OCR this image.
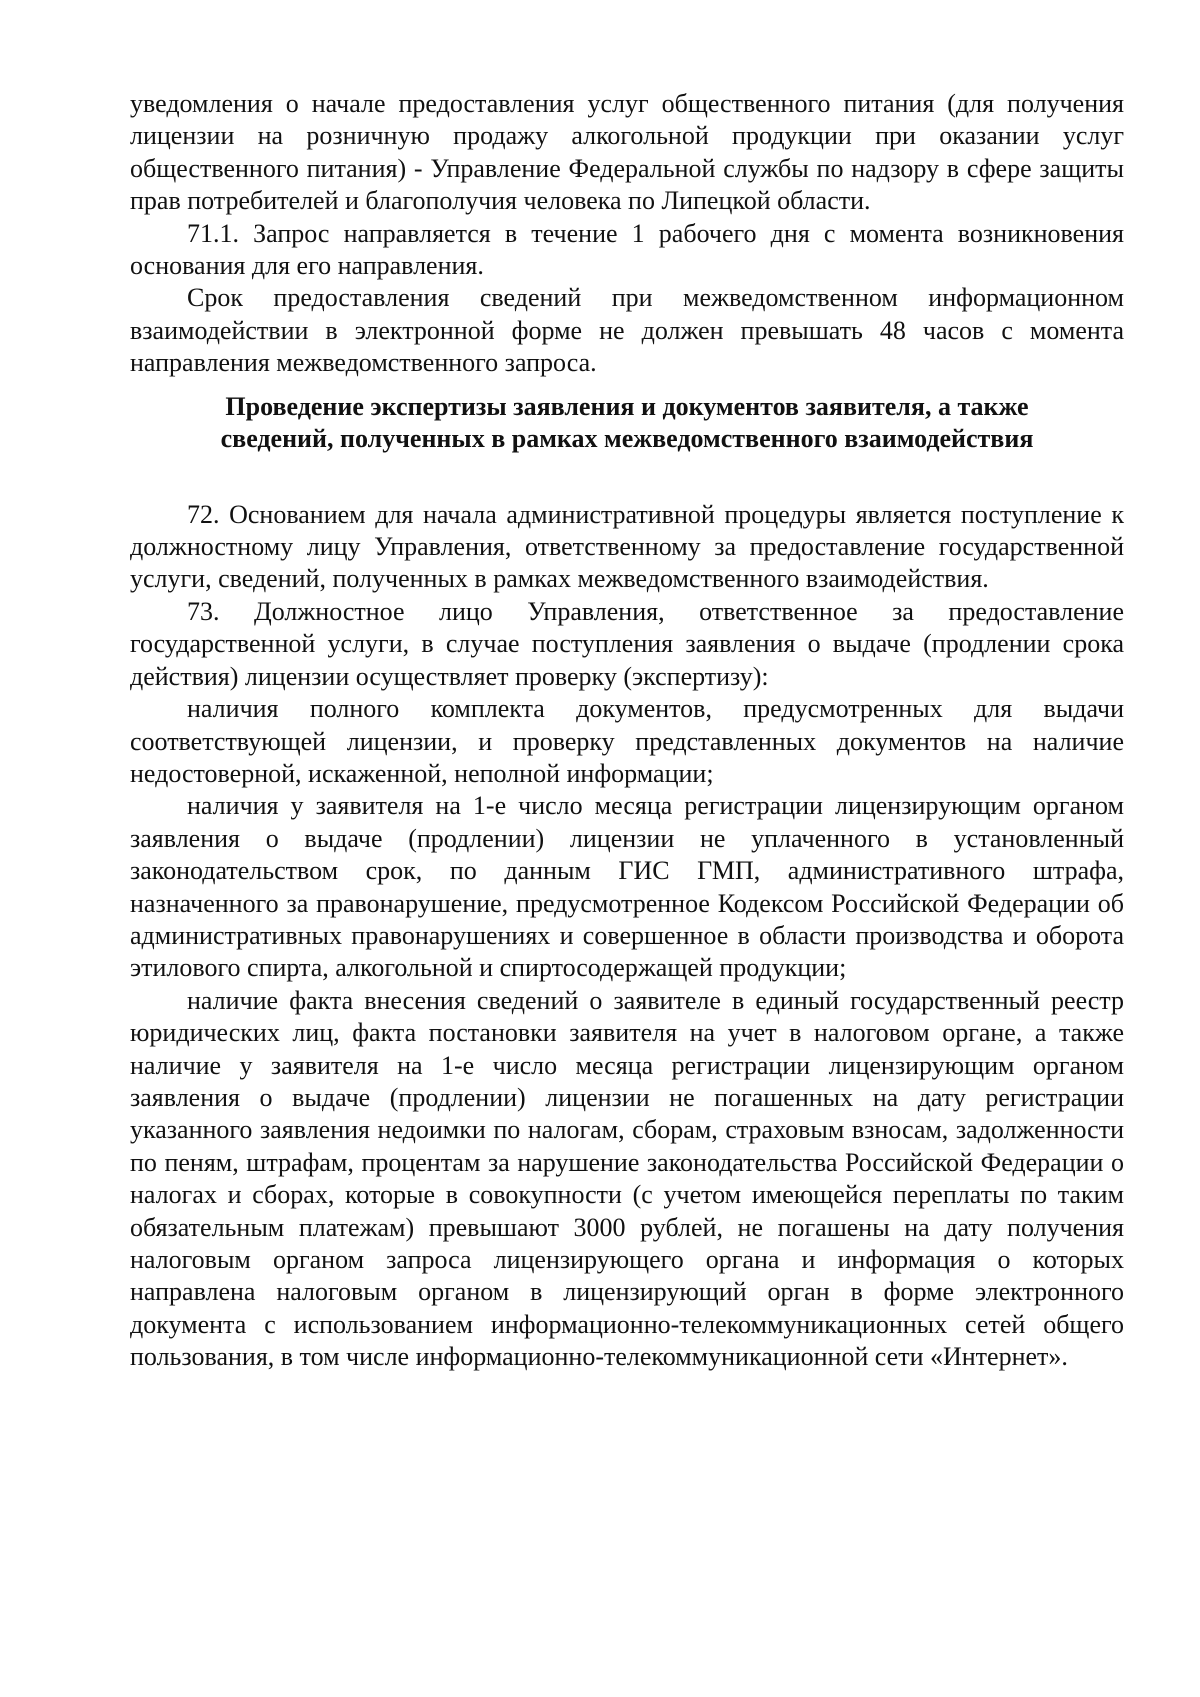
уведомления о начале предоставления услуг общественного питания (для получения лицензии на розничную продажу алкогольной продукции при оказании услуг общественного питания) - Управление Федеральной службы по надзору в сфере защиты прав потребителей и благополучия человека по Липецкой области.

71.1. Запрос направляется в течение 1 рабочего дня с момента возникновения основания для его направления.

Срок предоставления сведений при межведомственном информационном взаимодействии в электронной форме не должен превышать 48 часов с момента направления межведомственного запроса.

Проведение экспертизы заявления и документов заявителя, а также
сведений, полученных в рамках межведомственного взаимодействия

72. Основанием для начала административной процедуры является поступление к должностному лицу Управления, ответственному за предоставление государственной услуги, сведений, полученных в рамках межведомственного взаимодействия.

73. Должностное лицо Управления, ответственное за предоставление государственной услуги, в случае поступления заявления о выдаче (продлении срока действия) лицензии осуществляет проверку (экспертизу):

наличия полного комплекта документов, предусмотренных для выдачи соответствующей лицензии, и проверку представленных документов на наличие недостоверной, искаженной, неполной информации;

наличия у заявителя на 1-е число месяца регистрации лицензирующим органом заявления о выдаче (продлении) лицензии не уплаченного в установленный законодательством срок, по данным ГИС ГМП, административного штрафа, назначенного за правонарушение, предусмотренное Кодексом Российской Федерации об административных правонарушениях и совершенное в области производства и оборота этилового спирта, алкогольной и спиртосодержащей продукции;

наличие факта внесения сведений о заявителе в единый государственный реестр юридических лиц, факта постановки заявителя на учет в налоговом органе, а также наличие у заявителя на 1-е число месяца регистрации лицензирующим органом заявления о выдаче (продлении) лицензии не погашенных на дату регистрации указанного заявления недоимки по налогам, сборам, страховым взносам, задолженности по пеням, штрафам, процентам за нарушение законодательства Российской Федерации о налогах и сборах, которые в совокупности (с учетом имеющейся переплаты по таким обязательным платежам) превышают 3000 рублей, не погашены на дату получения налоговым органом запроса лицензирующего органа и информация о которых направлена налоговым органом в лицензирующий орган в форме электронного документа с использованием информационно-телекоммуникационных сетей общего пользования, в том числе информационно-телекоммуникационной сети «Интернет».
